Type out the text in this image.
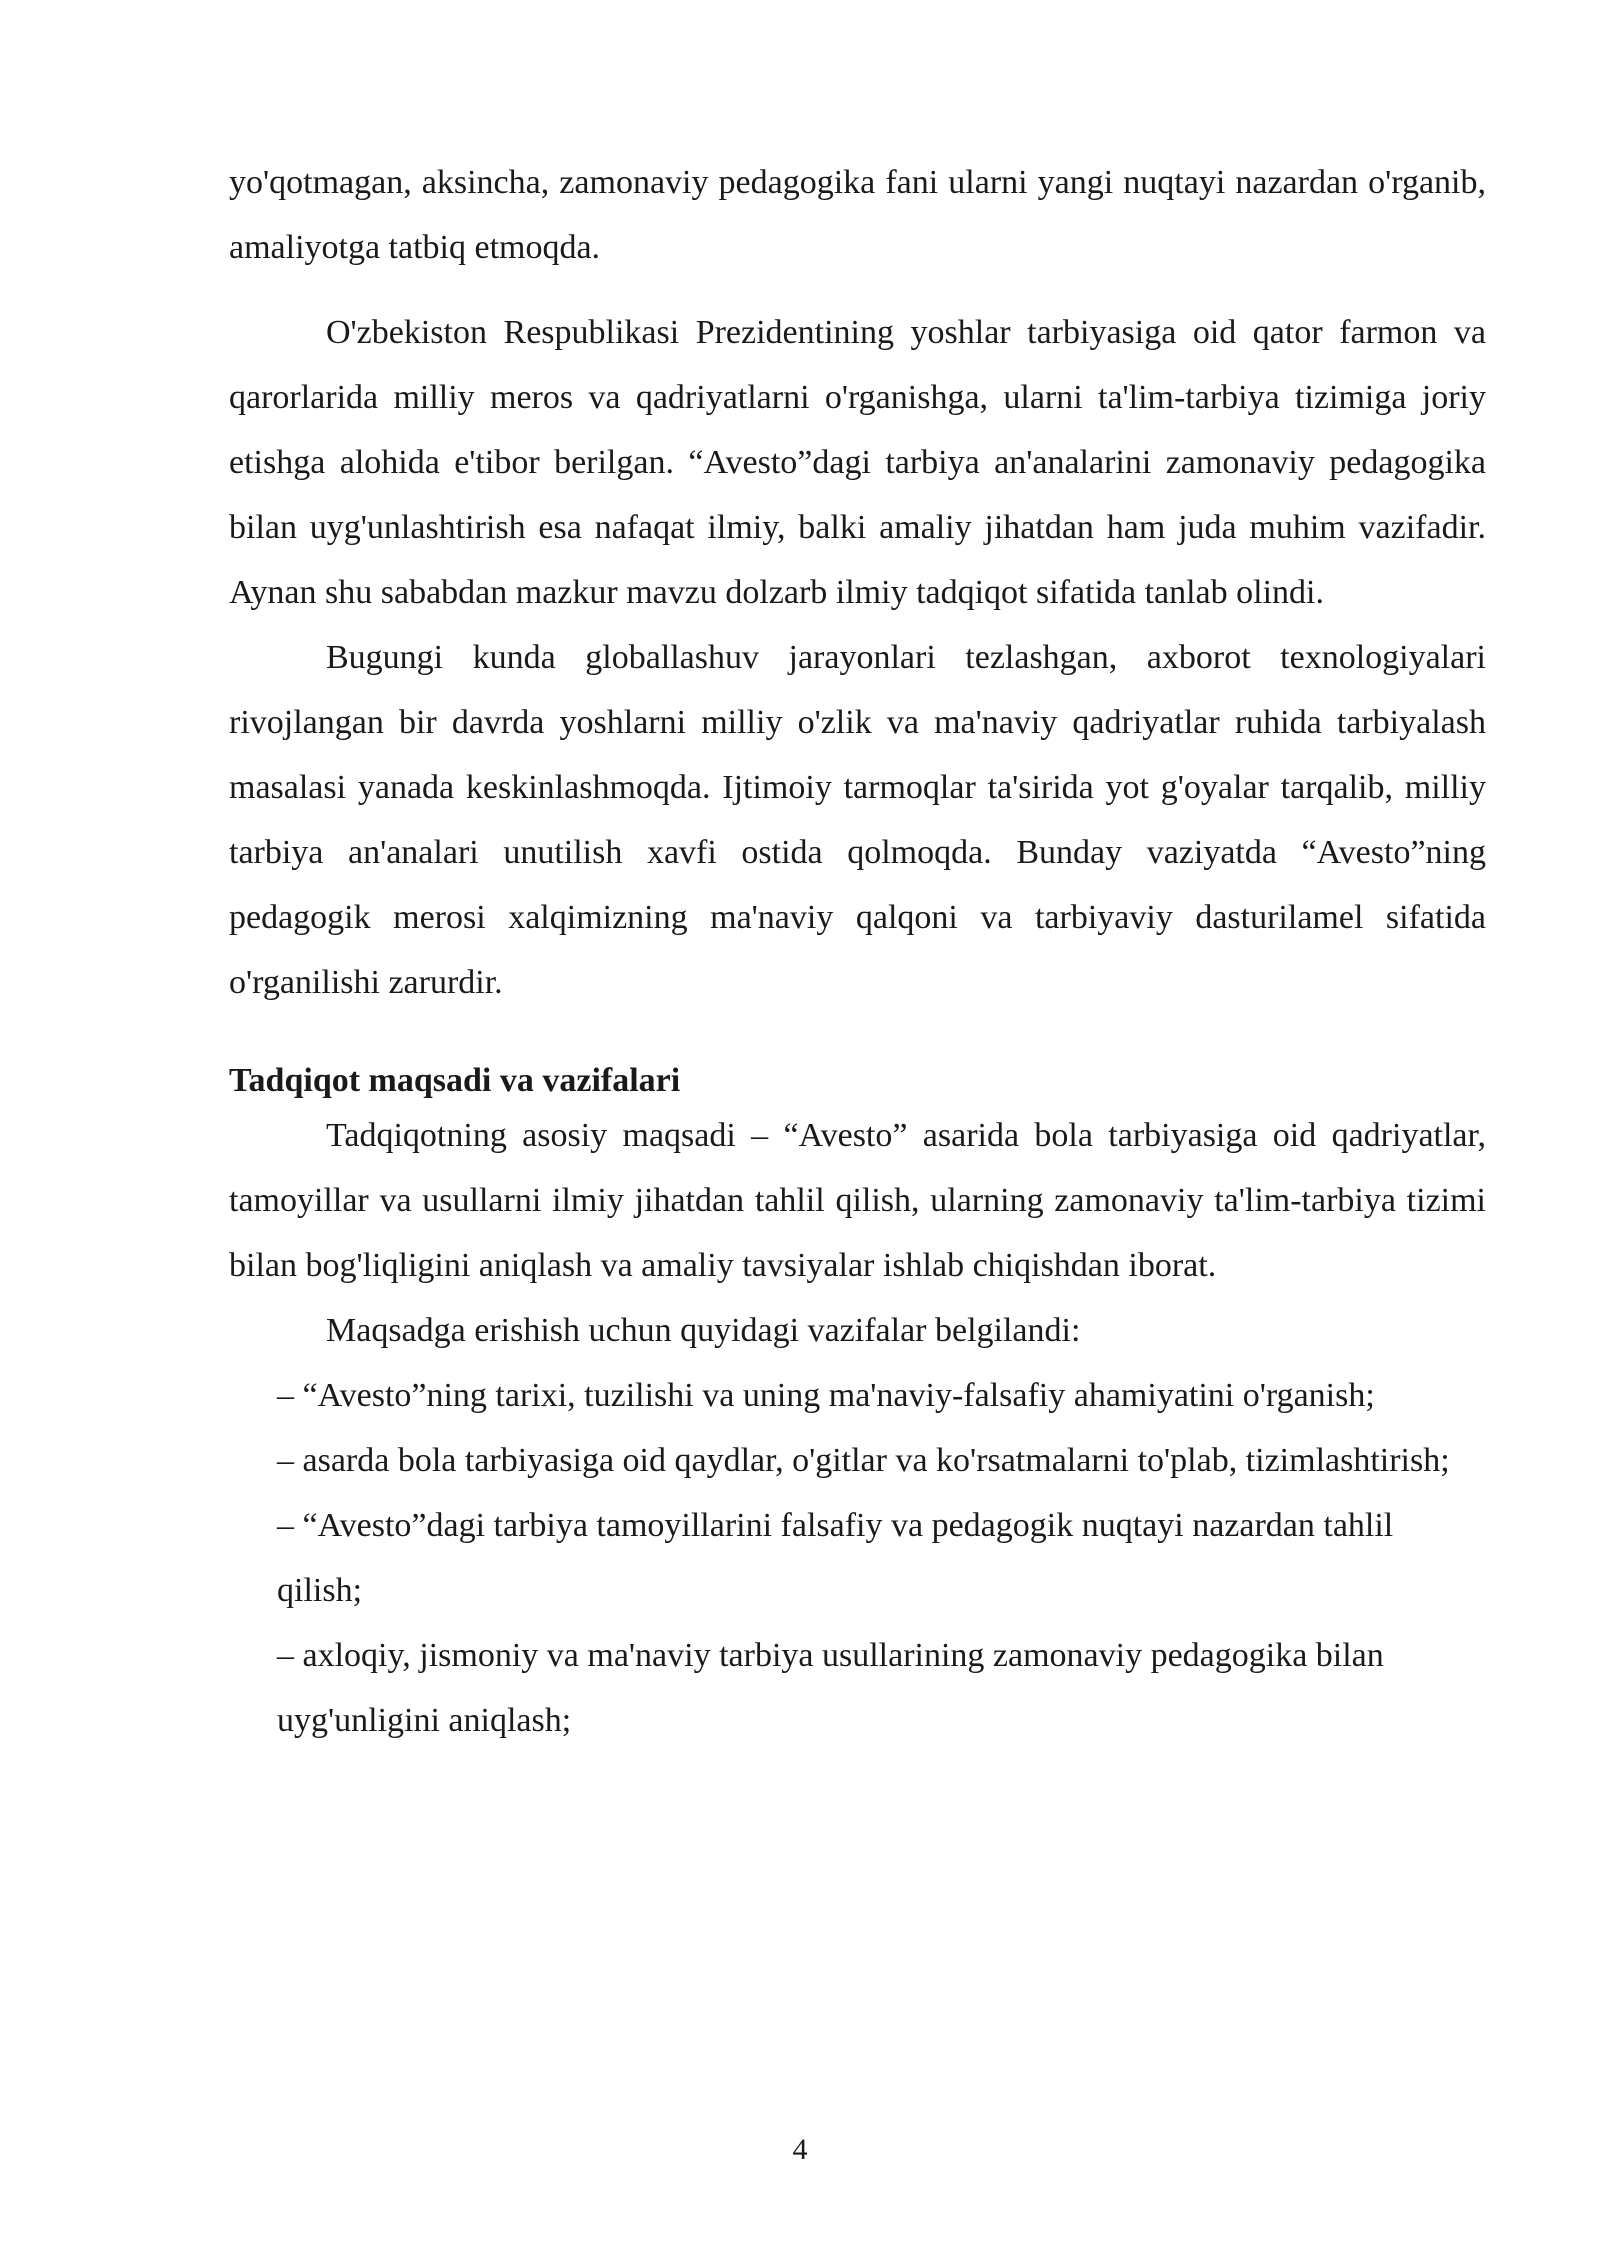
yo'qotmagan, aksincha, zamonaviy pedagogika fani ularni yangi nuqtayi nazardan o'rganib, amaliyotga tatbiq etmoqda.

O'zbekiston Respublikasi Prezidentining yoshlar tarbiyasiga oid qator farmon va qarorlarida milliy meros va qadriyatlarni o'rganishga, ularni ta'lim-tarbiya tizimiga joriy etishga alohida e'tibor berilgan. “Avesto”dagi tarbiya an'analarini zamonaviy pedagogika bilan uyg'unlashtirish esa nafaqat ilmiy, balki amaliy jihatdan ham juda muhim vazifadir. Aynan shu sababdan mazkur mavzu dolzarb ilmiy tadqiqot sifatida tanlab olindi.

Bugungi kunda globallashuv jarayonlari tezlashgan, axborot texnologiyalari rivojlangan bir davrda yoshlarni milliy o'zlik va ma'naviy qadriyatlar ruhida tarbiyalash masalasi yanada keskinlashmoqda. Ijtimoiy tarmoqlar ta'sirida yot g'oyalar tarqalib, milliy tarbiya an'analari unutilish xavfi ostida qolmoqda. Bunday vaziyatda “Avesto”ning pedagogik merosi xalqimizning ma'naviy qalqoni va tarbiyaviy dasturilamel sifatida o'rganilishi zarurdir.

Tadqiqot maqsadi va vazifalari

Tadqiqotning asosiy maqsadi – “Avesto” asarida bola tarbiyasiga oid qadriyatlar, tamoyillar va usullarni ilmiy jihatdan tahlil qilish, ularning zamonaviy ta'lim-tarbiya tizimi bilan bog'liqligini aniqlash va amaliy tavsiyalar ishlab chiqishdan iborat.

Maqsadga erishish uchun quyidagi vazifalar belgilandi:

– “Avesto”ning tarixi, tuzilishi va uning ma'naviy-falsafiy ahamiyatini o'rganish;
– asarda bola tarbiyasiga oid qaydlar, o'gitlar va ko'rsatmalarni to'plab, tizimlashtirish;
– “Avesto”dagi tarbiya tamoyillarini falsafiy va pedagogik nuqtayi nazardan tahlil qilish;
– axloqiy, jismoniy va ma'naviy tarbiya usullarining zamonaviy pedagogika bilan uyg'unligini aniqlash;
4
